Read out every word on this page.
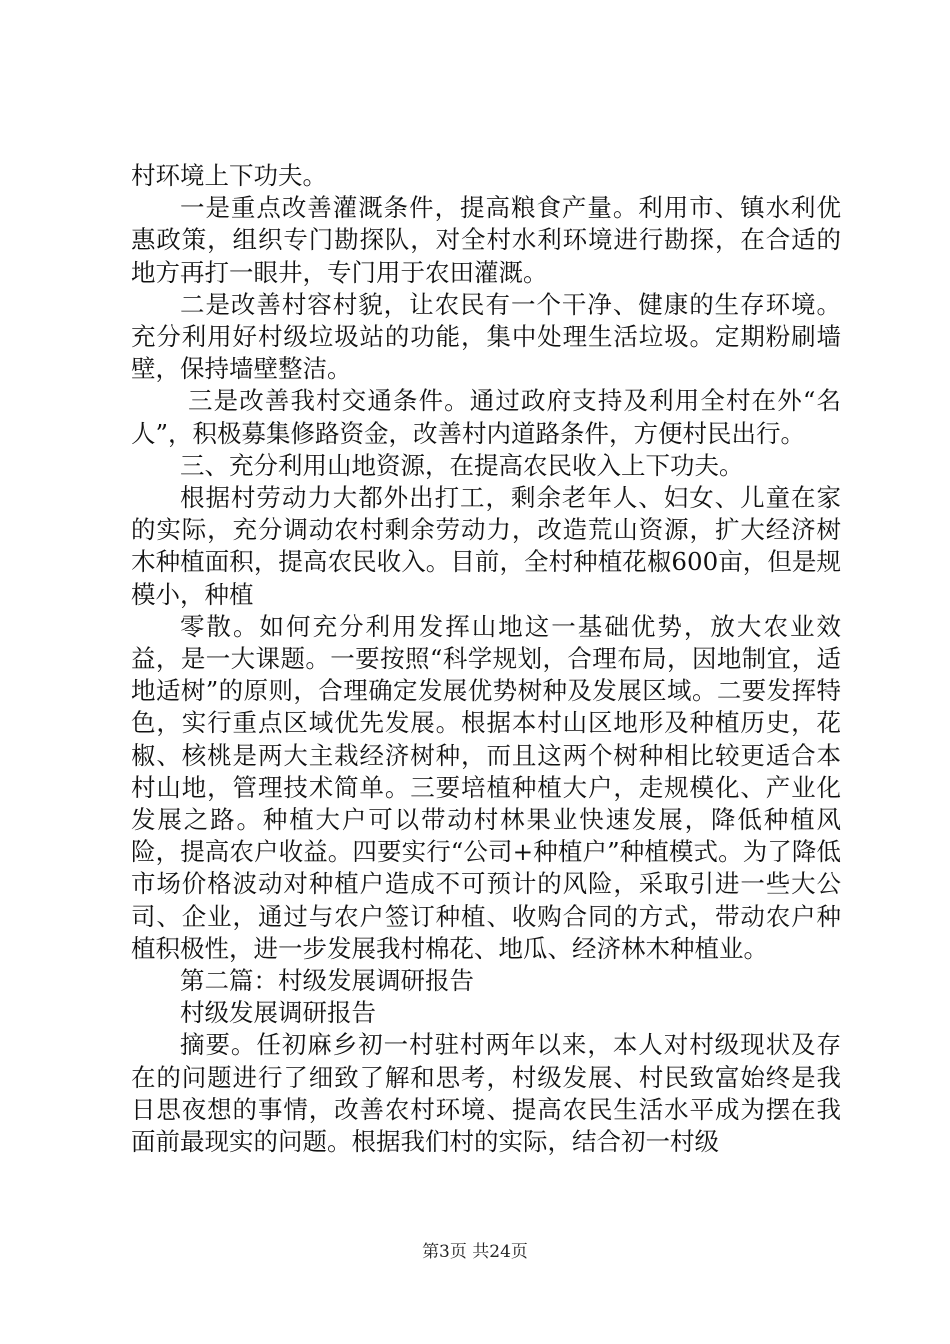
村环境上下功夫。

一是重点改善灌溉条件，提高粮食产量。利用市、镇水利优惠政策，组织专门勘探队，对全村水利环境进行勘探，在合适的地方再打一眼井，专门用于农田灌溉。

二是改善村容村貌，让农民有一个干净、健康的生存环境。充分利用好村级垃圾站的功能，集中处理生活垃圾。定期粉刷墙壁，保持墙壁整洁。

三是改善我村交通条件。通过政府支持及利用全村在外“名人”，积极募集修路资金，改善村内道路条件，方便村民出行。

三、充分利用山地资源，在提高农民收入上下功夫。

根据村劳动力大都外出打工，剩余老年人、妇女、儿童在家的实际，充分调动农村剩余劳动力，改造荒山资源，扩大经济树木种植面积，提高农民收入。目前，全村种植花椒600亩，但是规模小，种植

零散。如何充分利用发挥山地这一基础优势，放大农业效益，是一大课题。一要按照“科学规划，合理布局，因地制宜，适地适树”的原则，合理确定发展优势树种及发展区域。二要发挥特色，实行重点区域优先发展。根据本村山区地形及种植历史，花椒、核桃是两大主栽经济树种，而且这两个树种相比较更适合本村山地，管理技术简单。三要培植种植大户，走规模化、产业化发展之路。种植大户可以带动村林果业快速发展，降低种植风险，提高农户收益。四要实行“公司+种植户”种植模式。为了降低市场价格波动对种植户造成不可预计的风险，采取引进一些大公司、企业，通过与农户签订种植、收购合同的方式，带动农户种植积极性，进一步发展我村棉花、地瓜、经济林木种植业。

第二篇：村级发展调研报告

村级发展调研报告

摘要。任初麻乡初一村驻村两年以来，本人对村级现状及存在的问题进行了细致了解和思考，村级发展、村民致富始终是我日思夜想的事情，改善农村环境、提高农民生活水平成为摆在我面前最现实的问题。根据我们村的实际，结合初一村级

第3页 共24页
